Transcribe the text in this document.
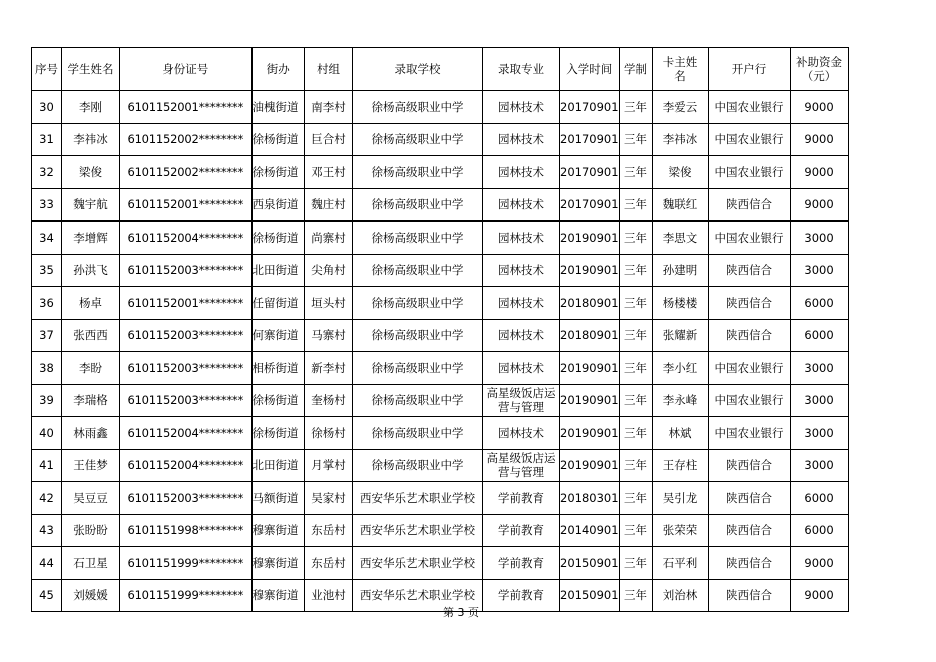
序号	学生姓名	身份证号	街办	村组	录取学校	录取专业	入学时间	学制	卡主姓名	开户行	补助资金（元）
30	李刚	6101152001********	油槐街道	南李村	徐杨高级职业中学	园林技术	20170901	三年	李爱云	中国农业银行	9000
31	李祎冰	6101152002********	徐杨街道	巨合村	徐杨高级职业中学	园林技术	20170901	三年	李祎冰	中国农业银行	9000
32	梁俊	6101152002********	徐杨街道	邓王村	徐杨高级职业中学	园林技术	20170901	三年	梁俊	中国农业银行	9000
33	魏宇航	6101152001********	西泉街道	魏庄村	徐杨高级职业中学	园林技术	20170901	三年	魏联红	陕西信合	9000
34	李增辉	6101152004********	徐杨街道	尚寨村	徐杨高级职业中学	园林技术	20190901	三年	李思文	中国农业银行	3000
35	孙洪飞	6101152003********	北田街道	尖角村	徐杨高级职业中学	园林技术	20190901	三年	孙建明	陕西信合	3000
36	杨卓	6101152001********	任留街道	垣头村	徐杨高级职业中学	园林技术	20180901	三年	杨楼楼	陕西信合	6000
37	张西西	6101152003********	何寨街道	马寨村	徐杨高级职业中学	园林技术	20180901	三年	张耀新	陕西信合	6000
38	李盼	6101152003********	相桥街道	新李村	徐杨高级职业中学	园林技术	20190901	三年	李小红	中国农业银行	3000
39	李瑞格	6101152003********	徐杨街道	奎杨村	徐杨高级职业中学	高星级饭店运营与管理	20190901	三年	李永峰	中国农业银行	3000
40	林雨鑫	6101152004********	徐杨街道	徐杨村	徐杨高级职业中学	园林技术	20190901	三年	林斌	中国农业银行	3000
41	王佳梦	6101152004********	北田街道	月掌村	徐杨高级职业中学	高星级饭店运营与管理	20190901	三年	王存柱	陕西信合	3000
42	吴豆豆	6101152003********	马额街道	吴家村	西安华乐艺术职业学校	学前教育	20180301	三年	吴引龙	陕西信合	6000
43	张盼盼	6101151998********	穆寨街道	东岳村	西安华乐艺术职业学校	学前教育	20140901	三年	张荣荣	陕西信合	6000
44	石卫星	6101151999********	穆寨街道	东岳村	西安华乐艺术职业学校	学前教育	20150901	三年	石平利	陕西信合	9000
45	刘媛媛	6101151999********	穆寨街道	业池村	西安华乐艺术职业学校	学前教育	20150901	三年	刘治林	陕西信合	9000
第 3 页
